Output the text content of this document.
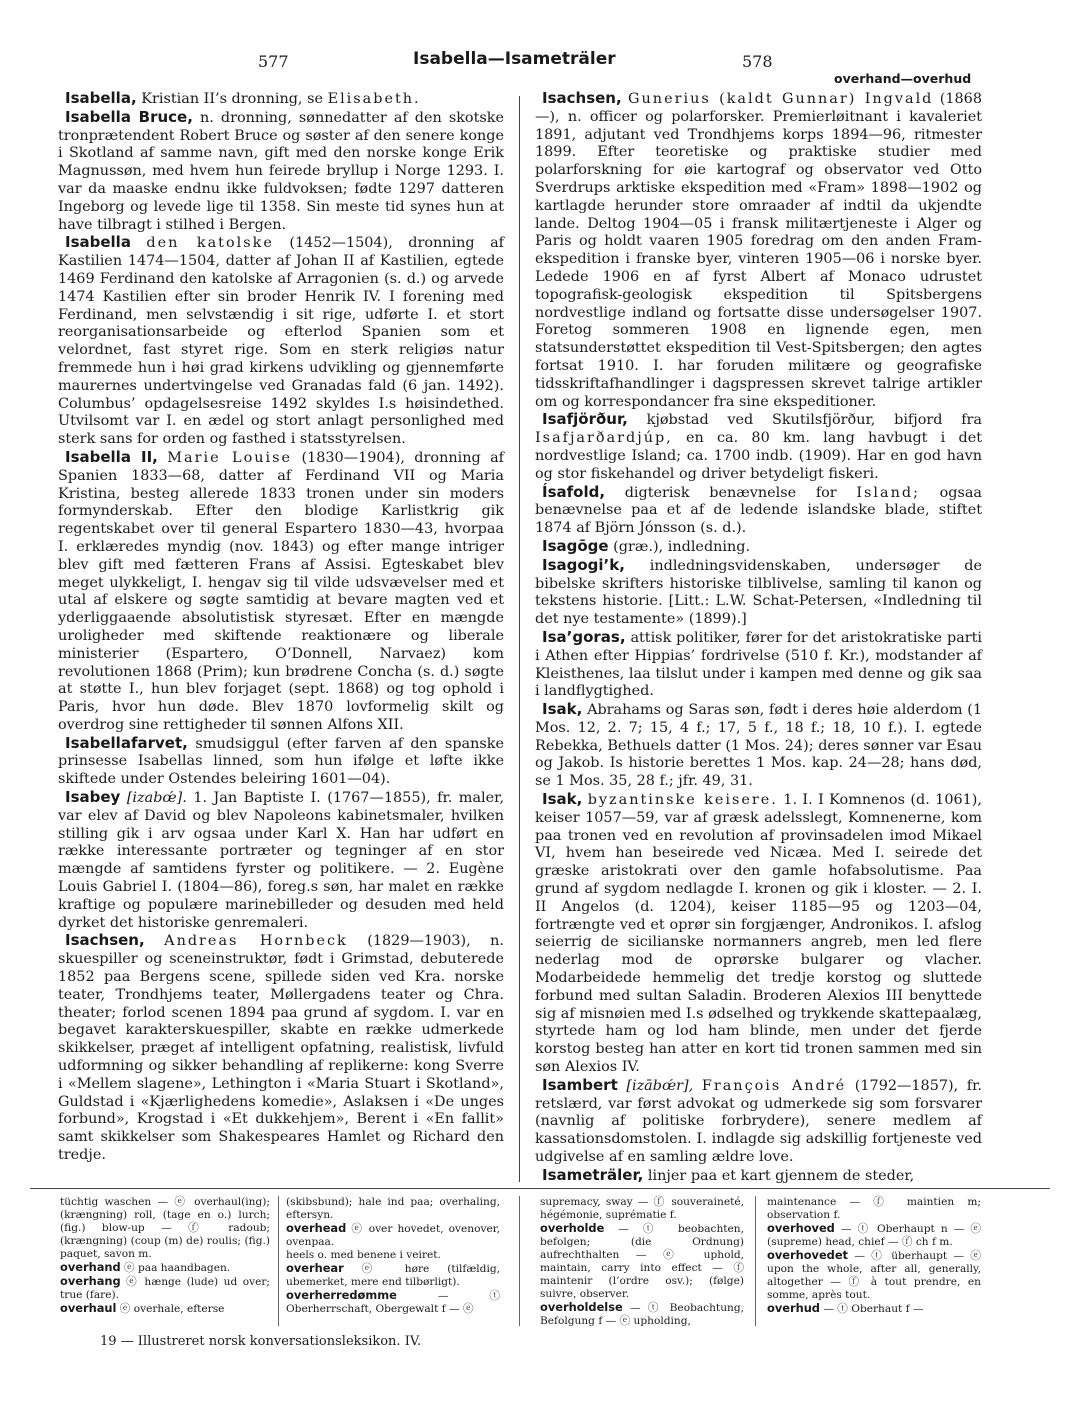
577	Isabella—Isameträler	578
overhand—overhud

Isabella, Kristian II’s dronning, se Elisabeth.

Isabella Bruce, n. dronning, sønnedatter af den skotske tronprætendent Robert Bruce og søster af den senere konge i Skotland af samme navn, gift med den norske konge Erik Magnussøn, med hvem hun feirede bryllup i Norge 1293. I. var da maaske endnu ikke fuldvoksen; fødte 1297 datteren Ingeborg og levede lige til 1358. Sin meste tid synes hun at have tilbragt i stilhed i Bergen.

Isabella den katolske (1452—1504), dronning af Kastilien 1474—1504, datter af Johan II af Kastilien, egtede 1469 Ferdinand den katolske af Arragonien (s. d.) og arvede 1474 Kastilien efter sin broder Henrik IV. I forening med Ferdinand, men selvstændig i sit rige, udførte I. et stort reorganisationsarbeide og efterlod Spanien som et velordnet, fast styret rige. Som en sterk religiøs natur fremmede hun i høi grad kirkens udvikling og gjennemførte maurernes undertvingelse ved Granadas fald (6 jan. 1492). Columbus’ opdagelsesreise 1492 skyldes I.s høisindethed. Utvilsomt var I. en ædel og stort anlagt personlighed med sterk sans for orden og fasthed i statsstyrelsen.

Isabella II, Marie Louise (1830—1904), dronning af Spanien 1833—68, datter af Ferdinand VII og Maria Kristina, besteg allerede 1833 tronen under sin moders formynderskab. Efter den blodige Karlistkrig gik regentskabet over til general Espartero 1830—43, hvorpaa I. erklæredes myndig (nov. 1843) og efter mange intriger blev gift med fætteren Frans af Assisi. Egteskabet blev meget ulykkeligt, I. hengav sig til vilde udsvævelser med et utal af elskere og søgte samtidig at bevare magten ved et yderliggaaende absolutistisk styresæt. Efter en mængde uroligheder med skiftende reaktionære og liberale ministerier (Espartero, O’Donnell, Narvaez) kom revolutionen 1868 (Prim); kun brødrene Concha (s. d.) søgte at støtte I., hun blev forjaget (sept. 1868) og tog ophold i Paris, hvor hun døde. Blev 1870 lovformelig skilt og overdrog sine rettigheder til sønnen Alfons XII.

Isabellafarvet, smudsiggul (efter farven af den spanske prinsesse Isabellas linned, som hun ifølge et løfte ikke skiftede under Ostendes beleiring 1601—04).

Isabey [izabœ́]. 1. Jan Baptiste I. (1767—1855), fr. maler, var elev af David og blev Napoleons kabinetsmaler, hvilken stilling gik i arv ogsaa under Karl X. Han har udført en række interessante portræter og tegninger af en stor mængde af samtidens fyrster og politikere. — 2. Eugène Louis Gabriel I. (1804—86), foreg.s søn, har malet en række kraftige og populære marinebilleder og desuden med held dyrket det historiske genremaleri.

Isachsen, Andreas Hornbeck (1829—1903), n. skuespiller og sceneinstruktør, født i Grimstad, debuterede 1852 paa Bergens scene, spillede siden ved Kra. norske teater, Trondhjems teater, Møllergadens teater og Chra. theater; forlod scenen 1894 paa grund af sygdom. I. var en begavet karakterskuespiller, skabte en række udmerkede skikkelser, præget af intelligent opfatning, realistisk, livfuld udformning og sikker behandling af replikerne: kong Sverre i «Mellem slagene», Lethington i «Maria Stuart i Skotland», Guldstad i «Kjærlighedens komedie», Aslaksen i «De unges forbund», Krogstad i «Et dukkehjem», Berent i «En fallit» samt skikkelser som Shakespeares Hamlet og Richard den tredje.

Isachsen, Gunerius (kaldt Gunnar) Ingvald (1868—), n. officer og polarforsker. Premierløitnant i kavaleriet 1891, adjutant ved Trondhjems korps 1894—96, ritmester 1899. Efter teoretiske og praktiske studier med polarforskning for øie kartograf og observator ved Otto Sverdrups arktiske ekspedition med «Fram» 1898—1902 og kartlagde herunder store omraader af indtil da ukjendte lande. Deltog 1904—05 i fransk militærtjeneste i Alger og Paris og holdt vaaren 1905 foredrag om den anden Fram-ekspedition i franske byer, vinteren 1905—06 i norske byer. Ledede 1906 en af fyrst Albert af Monaco udrustet topografisk-geologisk ekspedition til Spitsbergens nordvestlige indland og fortsatte disse undersøgelser 1907. Foretog sommeren 1908 en lignende egen, men statsunderstøttet ekspedition til Vest-Spitsbergen; den agtes fortsat 1910. I. har foruden militære og geografiske tidsskriftafhandlinger i dagspressen skrevet talrige artikler om og korrespondancer fra sine ekspeditioner.

Isafjörður, kjøbstad ved Skutilsfjörður, bifjord fra Isafjarðardjúp, en ca. 80 km. lang havbugt i det nordvestlige Island; ca. 1700 indb. (1909). Har en god havn og stor fiskehandel og driver betydeligt fiskeri.

Ísafold, digterisk benævnelse for Island; ogsaa benævnelse paa et af de ledende islandske blade, stiftet 1874 af Björn Jónsson (s. d.).

Isagōge (græ.), indledning.

Isagogi’k, indledningsvidenskaben, undersøger de bibelske skrifters historiske tilblivelse, samling til kanon og tekstens historie. [Litt.: L.W. Schat-Petersen, «Indledning til det nye testamente» (1899).]

Isa’goras, attisk politiker, fører for det aristokratiske parti i Athen efter Hippias’ fordrivelse (510 f. Kr.), modstander af Kleisthenes, laa tilslut under i kampen med denne og gik saa i landflygtighed.

Isak, Abrahams og Saras søn, født i deres høie alderdom (1 Mos. 12, 2. 7; 15, 4 f.; 17, 5 f., 18 f.; 18, 10 f.). I. egtede Rebekka, Bethuels datter (1 Mos. 24); deres sønner var Esau og Jakob. Is historie berettes 1 Mos. kap. 24—28; hans død, se 1 Mos. 35, 28 f.; jfr. 49, 31.

Isak, byzantinske keisere. 1. I. I Komnenos (d. 1061), keiser 1057—59, var af græsk adelsslegt, Komnenerne, kom paa tronen ved en revolution af provinsadelen imod Mikael VI, hvem han beseirede ved Nicæa. Med I. seirede det græske aristokrati over den gamle hofabsolutisme. Paa grund af sygdom nedlagde I. kronen og gik i kloster. — 2. I. II Angelos (d. 1204), keiser 1185—95 og 1203—04, fortrængte ved et oprør sin forgjænger, Andronikos. I. afslog seierrig de sicilianske normanners angreb, men led flere nederlag mod de oprørske bulgarer og vlacher. Modarbeidede hemmelig det tredje korstog og sluttede forbund med sultan Saladin. Broderen Alexios III benyttede sig af misnøien med I.s ødselhed og trykkende skattepaalæg, styrtede ham og lod ham blinde, men under det fjerde korstog besteg han atter en kort tid tronen sammen med sin søn Alexios IV.

Isambert [izābœ́r], François André (1792—1857), fr. retslærd, var først advokat og udmerkede sig som forsvarer (navnlig af politiske forbrydere), senere medlem af kassationsdomstolen. I. indlagde sig adskillig fortjeneste ved udgivelse af en samling ældre love.

Isameträler, linjer paa et kart gjennem de steder,

tüchtig waschen — ⓔ overhaul(ing); (krængning) roll, (tage en o.) lurch; (fig.) blow-up — ⓕ radoub; (krængning) (coup (m) de) roulis; (fig.) paquet, savon m.

overhand ⓔ paa haandbagen.

overhang ⓔ hænge (lude) ud over; true (fare).

overhaul ⓔ overhale, efterse

(skibsbund); hale ind paa; overhaling, eftersyn.

overhead ⓔ over hovedet, ovenover, ovenpaa.

heels o. med benene i veiret.

overhear ⓔ høre (tilfældig, ubemerket, mere end tilbørligt).

overherredømme — ⓣ Oberherrschaft, Obergewalt f — ⓔ

supremacy, sway — ⓕ souveraineté, hégémonie, suprématie f.

overholde — ⓣ beobachten, befolgen; (die Ordnung) aufrechthalten — ⓔ uphold, maintain, carry into effect — ⓕ maintenir (l’ordre osv.); (følge) suivre, observer.

overholdelse — ⓣ Beobachtung, Befolgung f — ⓔ upholding,

maintenance — ⓕ maintien m; observation f.

overhoved — ⓣ Oberhaupt n — ⓔ (supreme) head, chief — ⓕ ch f m.

overhovedet — ⓣ überhaupt — ⓔ upon the whole, after all, generally, altogether — ⓕ à tout prendre, en somme, après tout.

overhud — ⓣ Oberhaut f —

19 — Illustreret norsk konversationsleksikon. IV.
